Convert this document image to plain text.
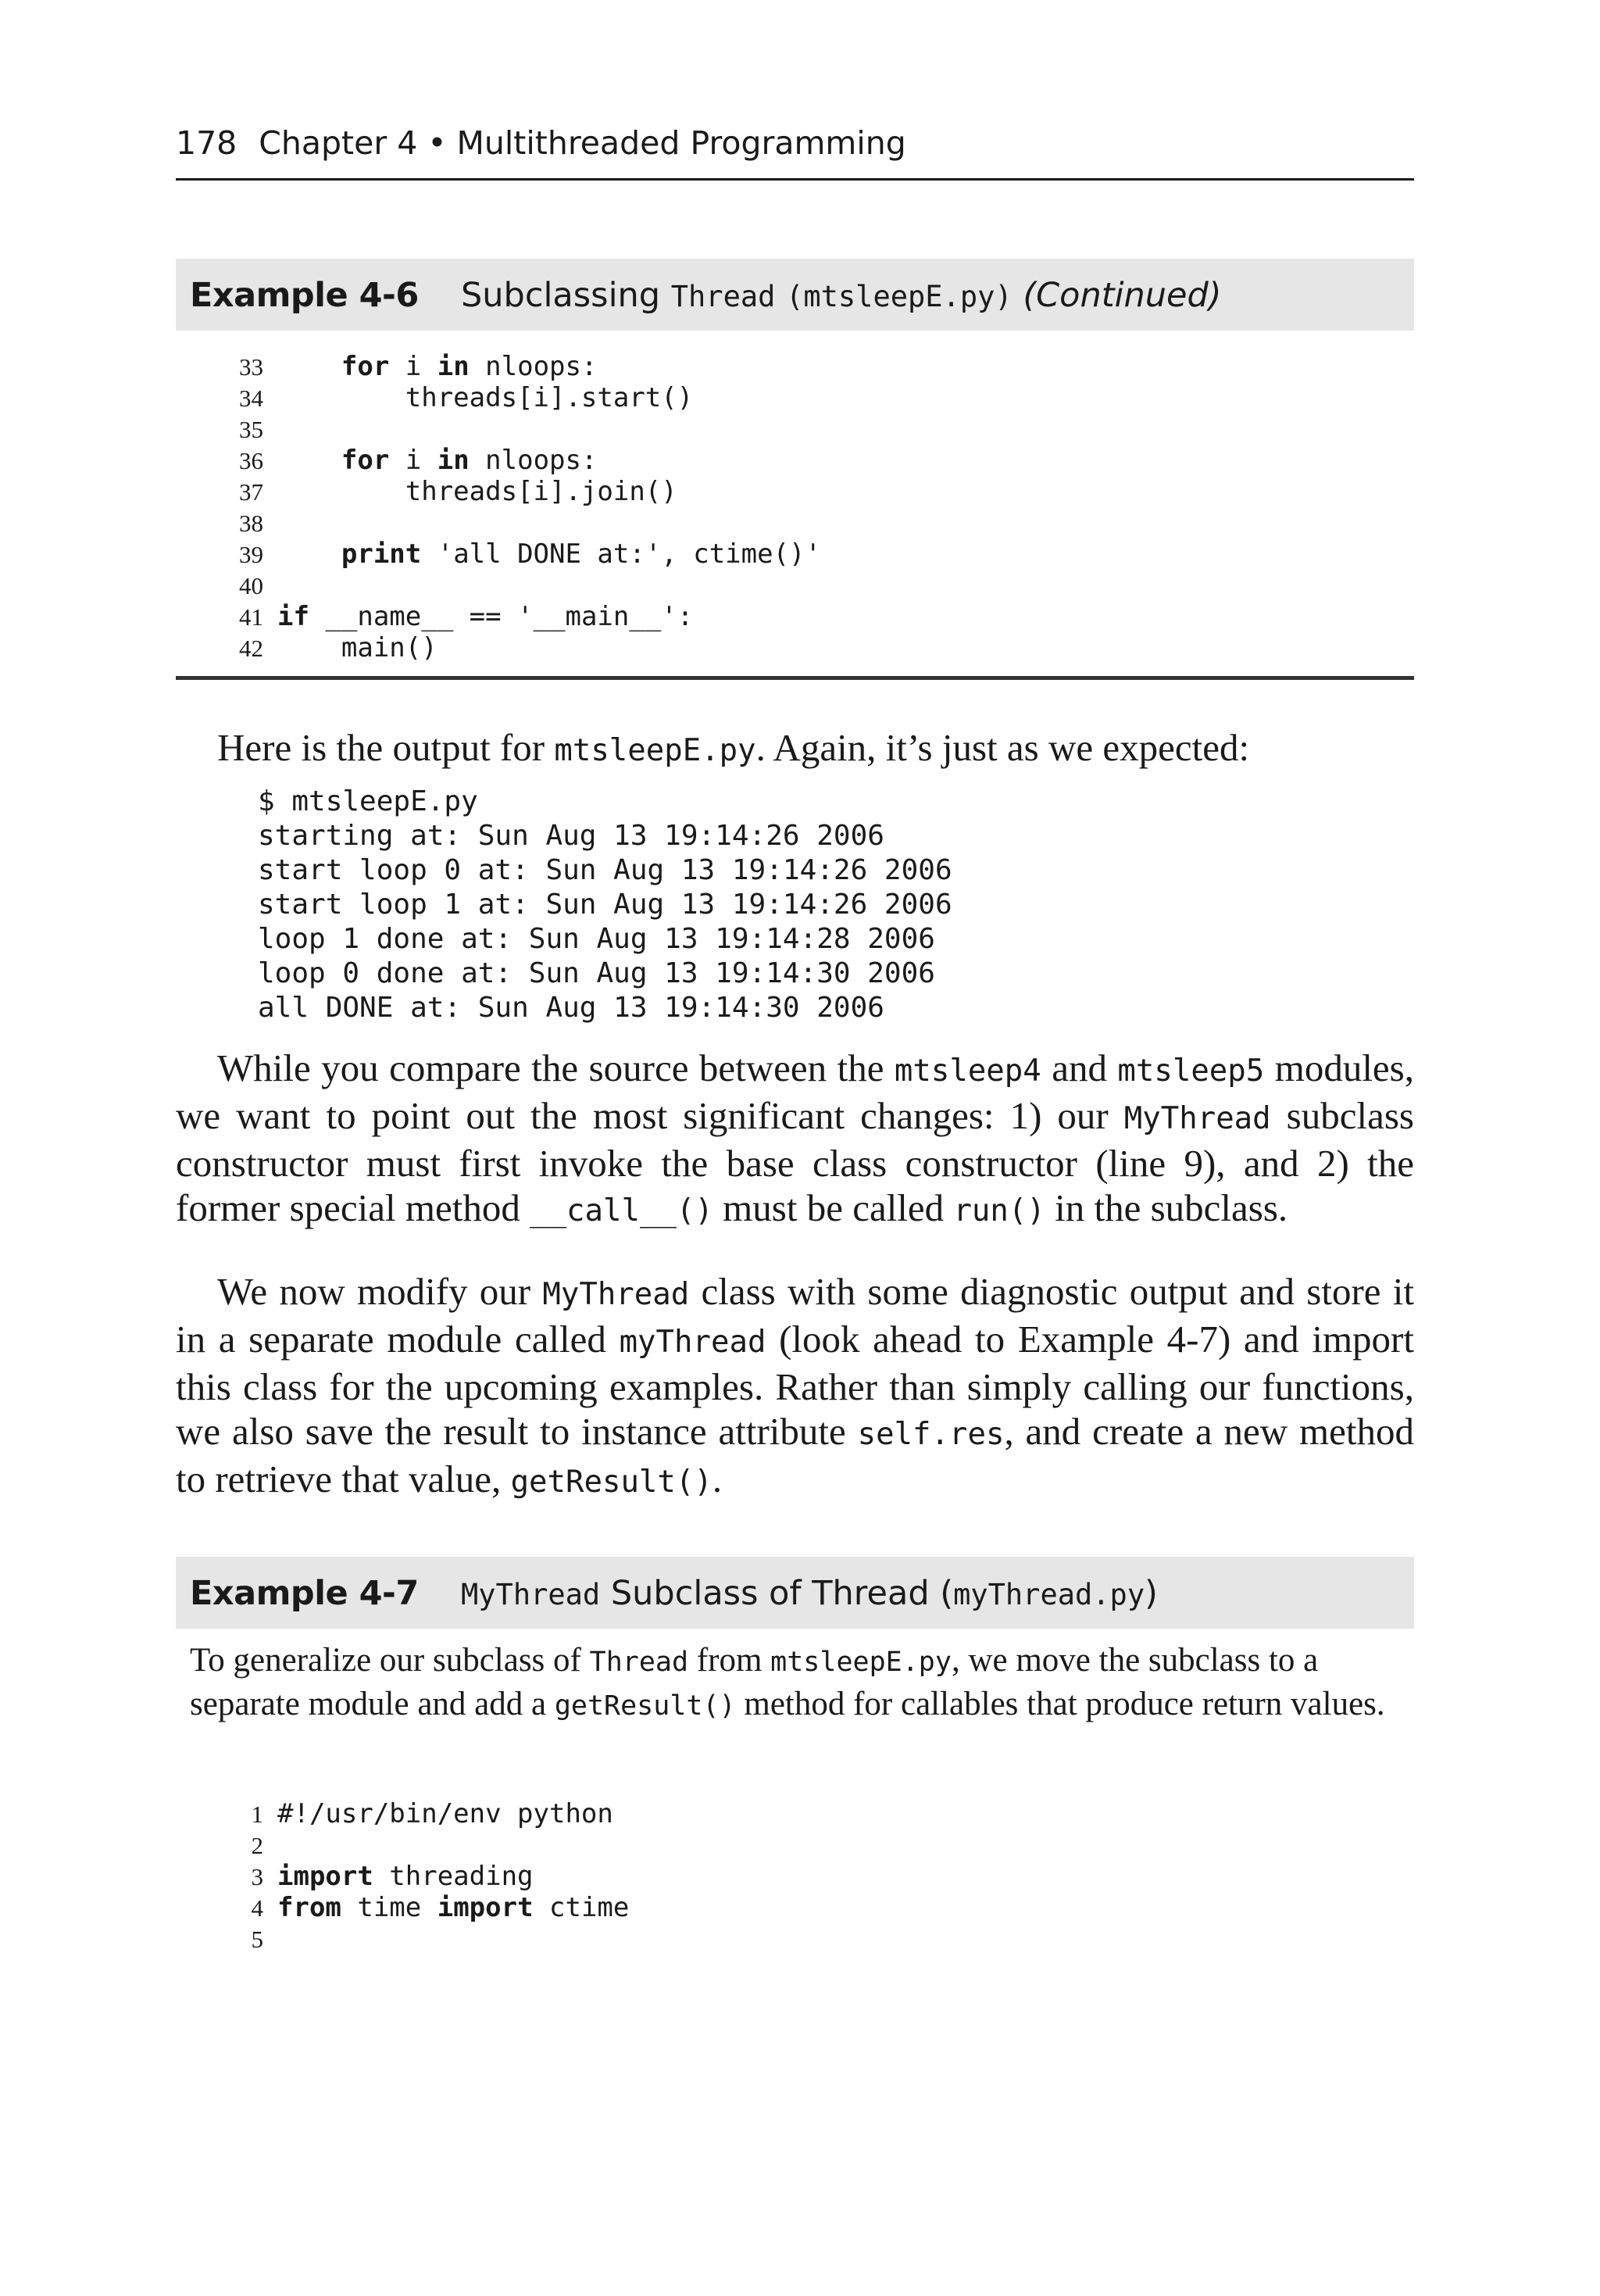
178 Chapter 4 • Multithreaded Programming
Example 4-6 Subclassing Thread (mtsleepE.py) (Continued)
33	for i in nloops:
34 threads[i].start()
35
36	for i in nloops:
37 threads[i].join()
38
39	print 'all DONE at:', ctime()'
40
41 if __name__ == '__main__':
42 main()

Here is the output for mtsleepE.py. Again, it’s just as we expected:

$ mtsleepE.py
starting at: Sun Aug 13 19:14:26 2006
start loop 0 at: Sun Aug 13 19:14:26 2006
start loop 1 at: Sun Aug 13 19:14:26 2006
loop 1 done at: Sun Aug 13 19:14:28 2006
loop 0 done at: Sun Aug 13 19:14:30 2006
all DONE at: Sun Aug 13 19:14:30 2006

While you compare the source between the mtsleep4 and mtsleep5 modules, we want to point out the most significant changes: 1) our MyThread subclass constructor must first invoke the base class constructor (line 9), and 2) the former special method __call__() must be called run() in the subclass.

We now modify our MyThread class with some diagnostic output and store it in a separate module called myThread (look ahead to Example 4-7) and import this class for the upcoming examples. Rather than simply calling our functions, we also save the result to instance attribute self.res, and create a new method to retrieve that value, getResult().

Example 4-7 MyThread Subclass of Thread (myThread.py)
To generalize our subclass of Thread from mtsleepE.py, we move the subclass to a separate module and add a getResult() method for callables that produce return values.
1 #!/usr/bin/env python
2
3 import threading
4 from time import ctime
5
